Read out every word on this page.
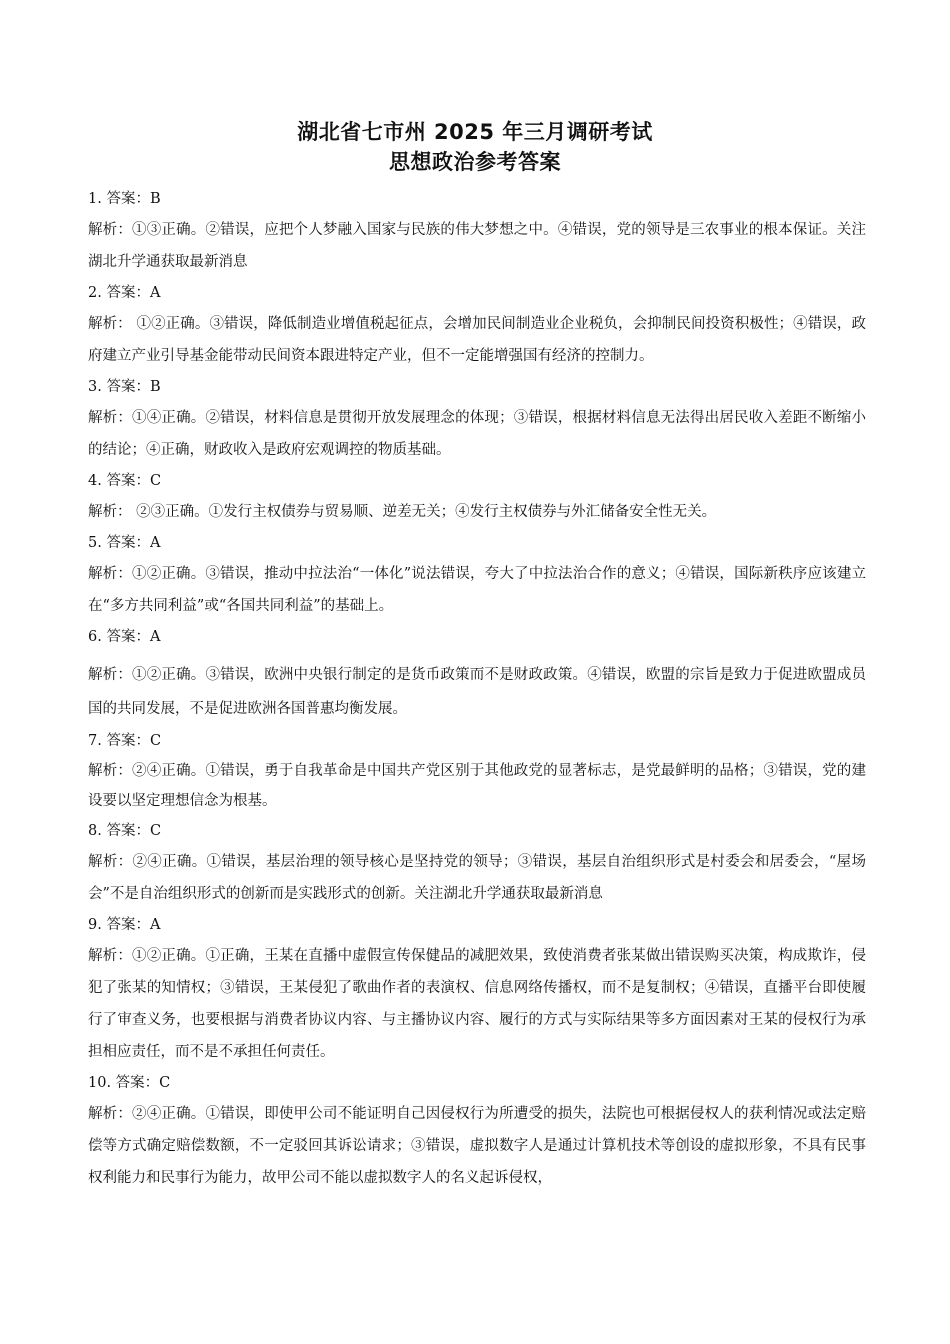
湖北省七市州 2025 年三月调研考试
思想政治参考答案

1. 答案：B

解析：①③正确。②错误，应把个人梦融入国家与民族的伟大梦想之中。④错误，党的领导是三农事业的根本保证。关注湖北升学通获取最新消息

2. 答案：A

解析： ①②正确。③错误，降低制造业增值税起征点，会增加民间制造业企业税负，会抑制民间投资积极性；④错误，政府建立产业引导基金能带动民间资本跟进特定产业，但不一定能增强国有经济的控制力。

3. 答案：B

解析：①④正确。②错误，材料信息是贯彻开放发展理念的体现；③错误，根据材料信息无法得出居民收入差距不断缩小的结论；④正确，财政收入是政府宏观调控的物质基础。

4. 答案：C

解析： ②③正确。①发行主权债券与贸易顺、逆差无关；④发行主权债券与外汇储备安全性无关。

5. 答案：A

解析：①②正确。③错误，推动中拉法治“一体化”说法错误，夸大了中拉法治合作的意义；④错误，国际新秩序应该建立在“多方共同利益”或“各国共同利益”的基础上。

6. 答案：A

解析：①②正确。③错误，欧洲中央银行制定的是货币政策而不是财政政策。④错误，欧盟的宗旨是致力于促进欧盟成员国的共同发展，不是促进欧洲各国普惠均衡发展。

7. 答案：C

解析：②④正确。①错误，勇于自我革命是中国共产党区别于其他政党的显著标志，是党最鲜明的品格；③错误，党的建设要以坚定理想信念为根基。

8. 答案：C

解析：②④正确。①错误，基层治理的领导核心是坚持党的领导；③错误，基层自治组织形式是村委会和居委会，“屋场会”不是自治组织形式的创新而是实践形式的创新。关注湖北升学通获取最新消息

9. 答案：A

解析：①②正确。①正确，王某在直播中虚假宣传保健品的减肥效果，致使消费者张某做出错误购买决策，构成欺诈，侵犯了张某的知情权；③错误，王某侵犯了歌曲作者的表演权、信息网络传播权，而不是复制权；④错误，直播平台即使履行了审查义务，也要根据与消费者协议内容、与主播协议内容、履行的方式与实际结果等多方面因素对王某的侵权行为承担相应责任，而不是不承担任何责任。

10. 答案：C

解析：②④正确。①错误，即使甲公司不能证明自己因侵权行为所遭受的损失，法院也可根据侵权人的获利情况或法定赔偿等方式确定赔偿数额，不一定驳回其诉讼请求；③错误，虚拟数字人是通过计算机技术等创设的虚拟形象，不具有民事权利能力和民事行为能力，故甲公司不能以虚拟数字人的名义起诉侵权，
